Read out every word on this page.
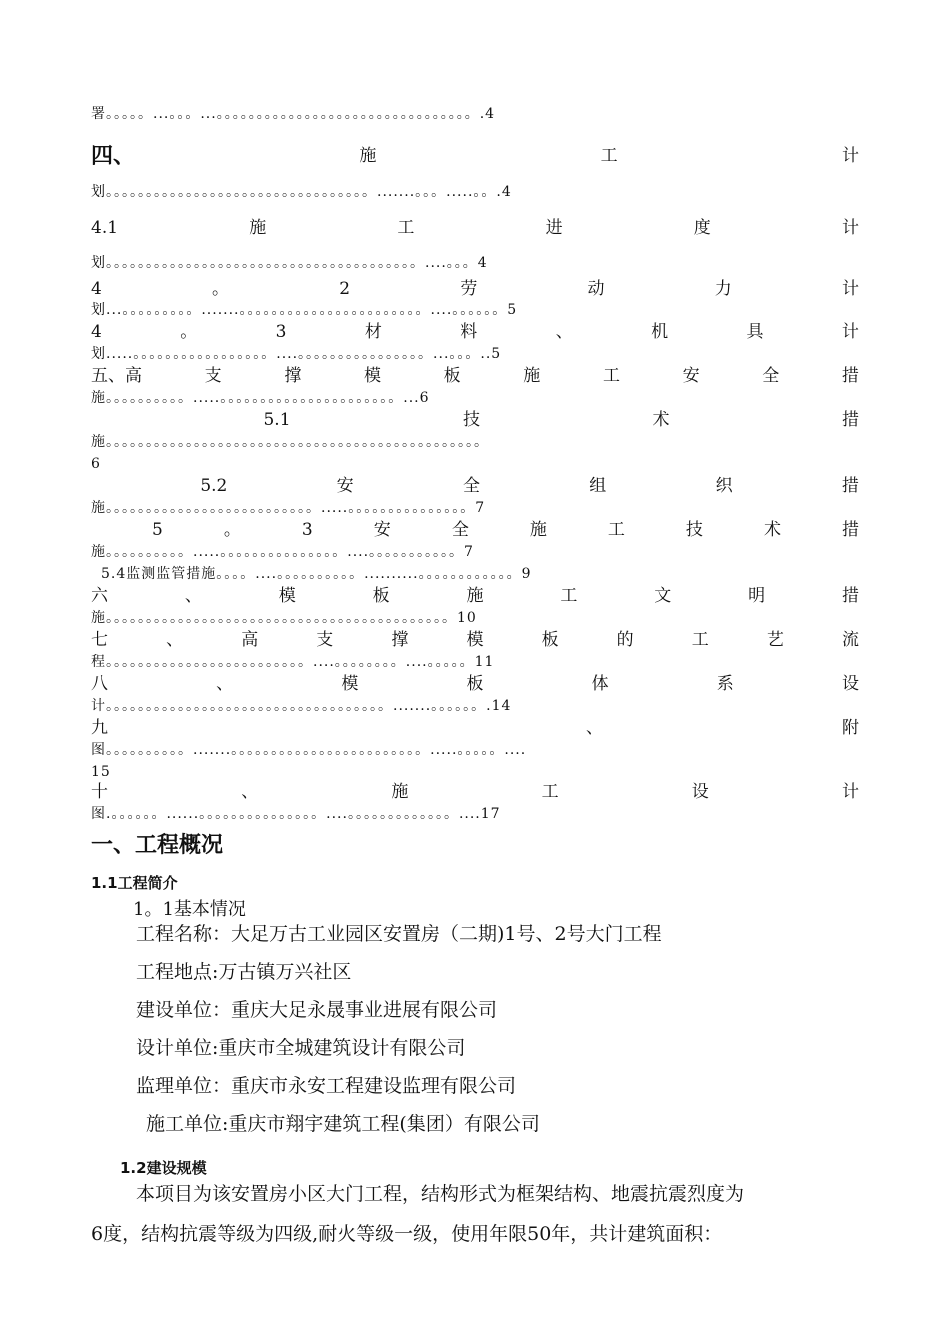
署。。。。。...。。。...。。。。。。。。。。。。。。。。。。。。。。。。。。。。。。。。.4
四、	施	工	计
划。。。。。。。。。。。。。。。。。。。。。。。。。。。。。。。。。.......。。。.....。。.4
4.1	施	工	进	度	计
划。。。。。。。。。。。。。。。。。。。。。。。。。。。。。。。。。。。。。。。....。。。4
4	。	2	劳	动	力	计
划...。。。。。。。。。.......。。。。。。。。。。。。。。。。。。。。。。。....。。。。。。5
4	。	3	材	料	、	机	具	计
划.....。。。。。。。。。。。。。。。。。....。。。。。。。。。。。。。。。。...。。。..5
五、高	支	撑	模	板	施	工	安	全	措
施。。。。。。。。。。.....。。。。。。。。。。。。。。。。。。。。。。...6
5.1	技	术	措
施。。。。。。。。。。。。。。。。。。。。。。。。。。。。。。。。。。。。。。。。。。。。。。。
6
5.2	安	全	组	织	措
施。。。。。。。。。。。。。。。。。。。。。。。。。。.....。。。。。。。。。。。。。。。7
5	。	3	安	全	施	工	技	术	措
施。。。。。。。。。。.....。。。。。。。。。。。。。。。....。。。。。。。。。。。7
5.4监测监管措施。。。。....。。。。。。。。。。..........。。。。。。。。。。。。9
六	、	模	板	施	工	文	明	措
施。。。。。。。。。。。。。。。。。。。。。。。。。。。。。。。。。。。。。。。。。。。10
七	、	高	支	撑	模	板	的	工	艺	流
程。。。。。。。。。。。。。。。。。。。。。。。。。....。。。。。。。。....。。。。。11
八	、	模	板	体	系	设
计。。。。。。。。。。。。。。。。。。。。。。。。。。。。。。。。。。。.......。。。。。。.14
九	、	附
图。。。。。。。。。。.......。。。。。。。。。。。。。。。。。。。。。。。。.....。。。。。....
15
十	、	施	工	设	计
图.。。。。。。......。。。。。。。。。。。。。。。....。。。。。。。。。。。。。....17
一、工程概况
1.1工程简介
1。1基本情况
工程名称：大足万古工业园区安置房（二期)1号、2号大门工程
工程地点:万古镇万兴社区
建设单位：重庆大足永晟事业进展有限公司
设计单位:重庆市全城建筑设计有限公司
监理单位：重庆市永安工程建设监理有限公司
施工单位:重庆市翔宇建筑工程(集团）有限公司
1.2建设规模
本项目为该安置房小区大门工程，结构形式为框架结构、地震抗震烈度为
6度，结构抗震等级为四级,耐火等级一级，使用年限50年，共计建筑面积：
